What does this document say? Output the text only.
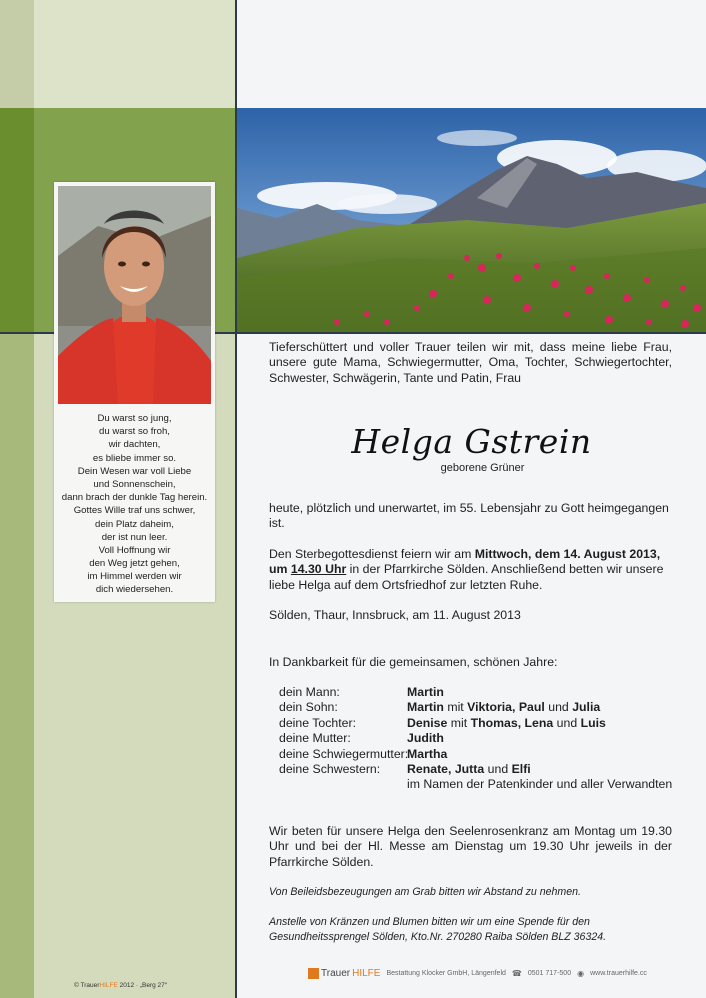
Du warst so jung,
du warst so froh,
wir dachten,
es bliebe immer so.
Dein Wesen war voll Liebe
und Sonnenschein,
dann brach der dunkle Tag herein.
Gottes Wille traf uns schwer,
dein Platz daheim,
der ist nun leer.
Voll Hoffnung wir
den Weg jetzt gehen,
im Himmel werden wir
dich wiedersehen.
Tieferschüttert und voller Trauer teilen wir mit, dass meine liebe Frau, unsere gute Mama, Schwiegermutter, Oma, Tochter, Schwiegertochter, Schwester, Schwägerin, Tante und Patin, Frau
Helga Gstrein
geborene Grüner
heute, plötzlich und unerwartet, im 55. Lebensjahr zu Gott heimgegangen ist.
Den Sterbegottesdienst feiern wir am Mittwoch, dem 14. August 2013,
um 14.30 Uhr in der Pfarrkirche Sölden. Anschließend betten wir unsere liebe Helga auf dem Ortsfriedhof zur letzten Ruhe.
Sölden, Thaur, Innsbruck, am 11. August 2013
In Dankbarkeit für die gemeinsamen, schönen Jahre:
dein Mann:	Martin
dein Sohn:	Martin mit Viktoria, Paul und Julia
deine Tochter:	Denise mit Thomas, Lena und Luis
deine Mutter:	Judith
deine Schwiegermutter:
Martha
deine Schwestern: Renate, Jutta und Elfi
im Namen der Patenkinder und aller Verwandten
Wir beten für unsere Helga den Seelenrosenkranz am Montag um 19.30 Uhr und bei der Hl. Messe am Dienstag um 19.30 Uhr jeweils in der Pfarrkirche Sölden.
Von Beileidsbezeugungen am Grab bitten wir Abstand zu nehmen.
Anstelle von Kränzen und Blumen bitten wir um eine Spende für den Gesundheitssprengel Sölden, Kto.Nr. 270280 Raiba Sölden BLZ 36324.
Trauer HILFE Bestattung Klocker GmbH, Längenfeld ☎ 0501 717-500 ◉ www.trauerhilfe.cc
© TrauerHILFE 2012 · „Berg 27“
